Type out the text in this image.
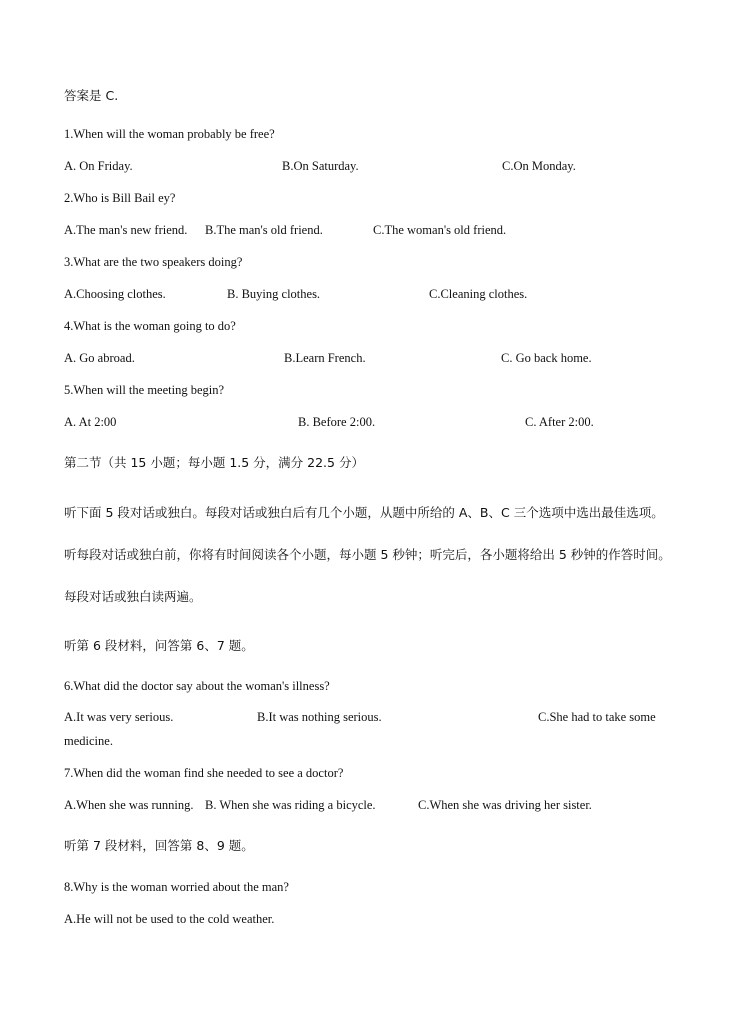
答案是 C.
1.When will the woman probably be free?
A. On Friday.	B.On Saturday.	C.On Monday.
2.Who is Bill Bail ey?
A.The man's new friend. B.The man's old friend.	C.The woman's old friend.
3.What are the two speakers doing?
A.Choosing clothes.	B. Buying clothes.	C.Cleaning clothes.
4.What is the woman going to do?
A. Go abroad.	B.Learn French.	C. Go back home.
5.When will the meeting begin?
A. At 2:00	B. Before 2:00.	C. After 2:00.
第二节（共 15 小题；每小题 1.5 分，满分 22.5 分）
听下面 5 段对话或独白。每段对话或独白后有几个小题，从题中所给的 A、B、C 三个选项中选出最佳选项。听每段对话或独白前，你将有时间阅读各个小题，每小题 5 秒钟；听完后，各小题将给出 5 秒钟的作答时间。每段对话或独白读两遍。
听第 6 段材料，问答第 6、7 题。
6.What did the doctor say about the woman's illness?
A.It was very serious.	B.It was nothing serious.	C.She had to take some
medicine.
7.When did the woman find she needed to see a doctor?
A.When she was running. B. When she was riding a bicycle.	C.When she was driving her sister.
听第 7 段材料，回答第 8、9 题。
8.Why is the woman worried about the man?
A.He will not be used to the cold weather.
